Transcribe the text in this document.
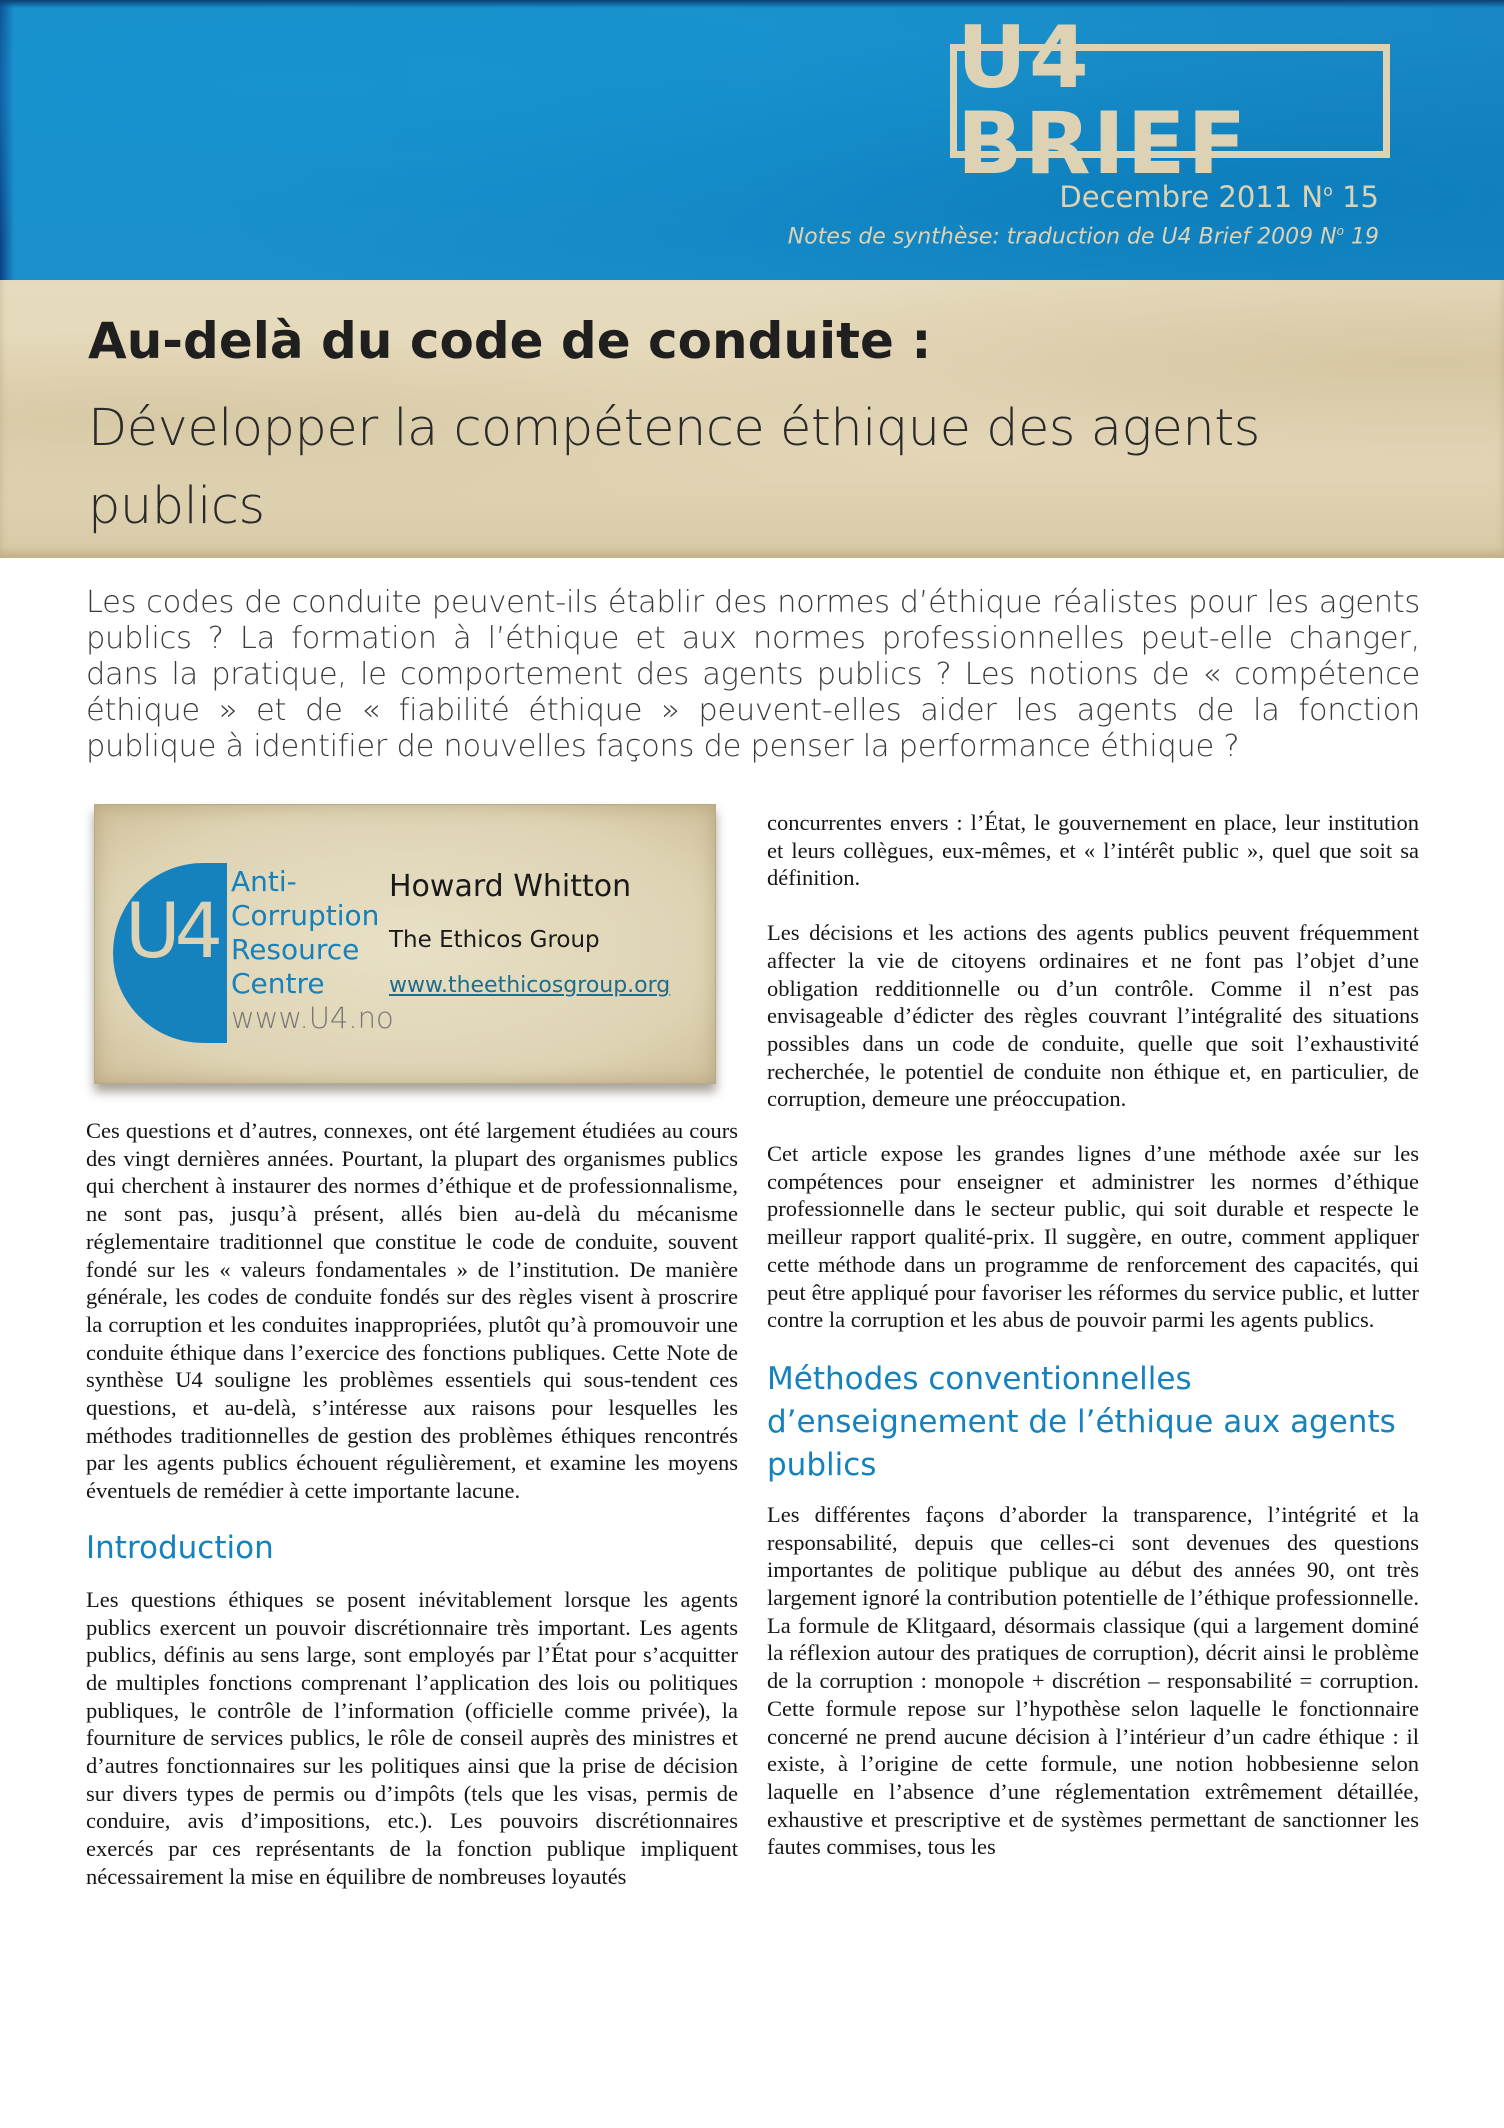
U4 BRIEF
Decembre 2011 $N^o$ 15
Notes de synthèse: traduction de U4 Brief 2009 $N^o$ 19
Au-delà du code de conduite :
Développer la compétence éthique des agents publics

Les codes de conduite peuvent-ils établir des normes d’éthique réalistes pour les agents publics ? La formation à l’éthique et aux normes professionnelles peut-elle changer, dans la pratique, le comportement des agents publics ? Les notions de « compétence éthique » et de « fiabilité éthique » peuvent-elles aider les agents de la fonction publique à identifier de nouvelles façons de penser la performance éthique ?

U4
Anti-
Corruption
Resource
Centre
www.U4.no
Howard Whitton
The Ethicos Group
www.theethicosgroup.org

Ces questions et d’autres, connexes, ont été largement étudiées au cours des vingt dernières années. Pourtant, la plupart des organismes publics qui cherchent à instaurer des normes d’éthique et de professionnalisme, ne sont pas, jusqu’à présent, allés bien au-delà du mécanisme réglementaire traditionnel que constitue le code de conduite, souvent fondé sur les « valeurs fondamentales » de l’institution. De manière générale, les codes de conduite fondés sur des règles visent à proscrire la corruption et les conduites inappropriées, plutôt qu’à promouvoir une conduite éthique dans l’exercice des fonctions publiques. Cette Note de synthèse U4 souligne les problèmes essentiels qui sous-tendent ces questions, et au-delà, s’intéresse aux raisons pour lesquelles les méthodes traditionnelles de gestion des problèmes éthiques rencontrés par les agents publics échouent régulièrement, et examine les moyens éventuels de remédier à cette importante lacune.

Introduction

Les questions éthiques se posent inévitablement lorsque les agents publics exercent un pouvoir discrétionnaire très important. Les agents publics, définis au sens large, sont employés par l’État pour s’acquitter de multiples fonctions comprenant l’application des lois ou politiques publiques, le contrôle de l’information (officielle comme privée), la fourniture de services publics, le rôle de conseil auprès des ministres et d’autres fonctionnaires sur les politiques ainsi que la prise de décision sur divers types de permis ou d’impôts (tels que les visas, permis de conduire, avis d’impositions, etc.). Les pouvoirs discrétionnaires exercés par ces représentants de la fonction publique impliquent nécessairement la mise en équilibre de nombreuses loyautés

concurrentes envers : l’État, le gouvernement en place, leur institution et leurs collègues, eux-mêmes, et « l’intérêt public », quel que soit sa définition.

Les décisions et les actions des agents publics peuvent fréquemment affecter la vie de citoyens ordinaires et ne font pas l’objet d’une obligation redditionnelle ou d’un contrôle. Comme il n’est pas envisageable d’édicter des règles couvrant l’intégralité des situations possibles dans un code de conduite, quelle que soit l’exhaustivité recherchée, le potentiel de conduite non éthique et, en particulier, de corruption, demeure une préoccupation.

Cet article expose les grandes lignes d’une méthode axée sur les compétences pour enseigner et administrer les normes d’éthique professionnelle dans le secteur public, qui soit durable et respecte le meilleur rapport qualité-prix. Il suggère, en outre, comment appliquer cette méthode dans un programme de renforcement des capacités, qui peut être appliqué pour favoriser les réformes du service public, et lutter contre la corruption et les abus de pouvoir parmi les agents publics.

Méthodes conventionnelles d’enseignement de l’éthique aux agents publics

Les différentes façons d’aborder la transparence, l’intégrité et la responsabilité, depuis que celles-ci sont devenues des questions importantes de politique publique au début des années 90, ont très largement ignoré la contribution potentielle de l’éthique professionnelle. La formule de Klitgaard, désormais classique (qui a largement dominé la réflexion autour des pratiques de corruption), décrit ainsi le problème de la corruption : monopole + discrétion – responsabilité = corruption. Cette formule repose sur l’hypothèse selon laquelle le fonctionnaire concerné ne prend aucune décision à l’intérieur d’un cadre éthique : il existe, à l’origine de cette formule, une notion hobbesienne selon laquelle en l’absence d’une réglementation extrêmement détaillée, exhaustive et prescriptive et de systèmes permettant de sanctionner les fautes commises, tous les
